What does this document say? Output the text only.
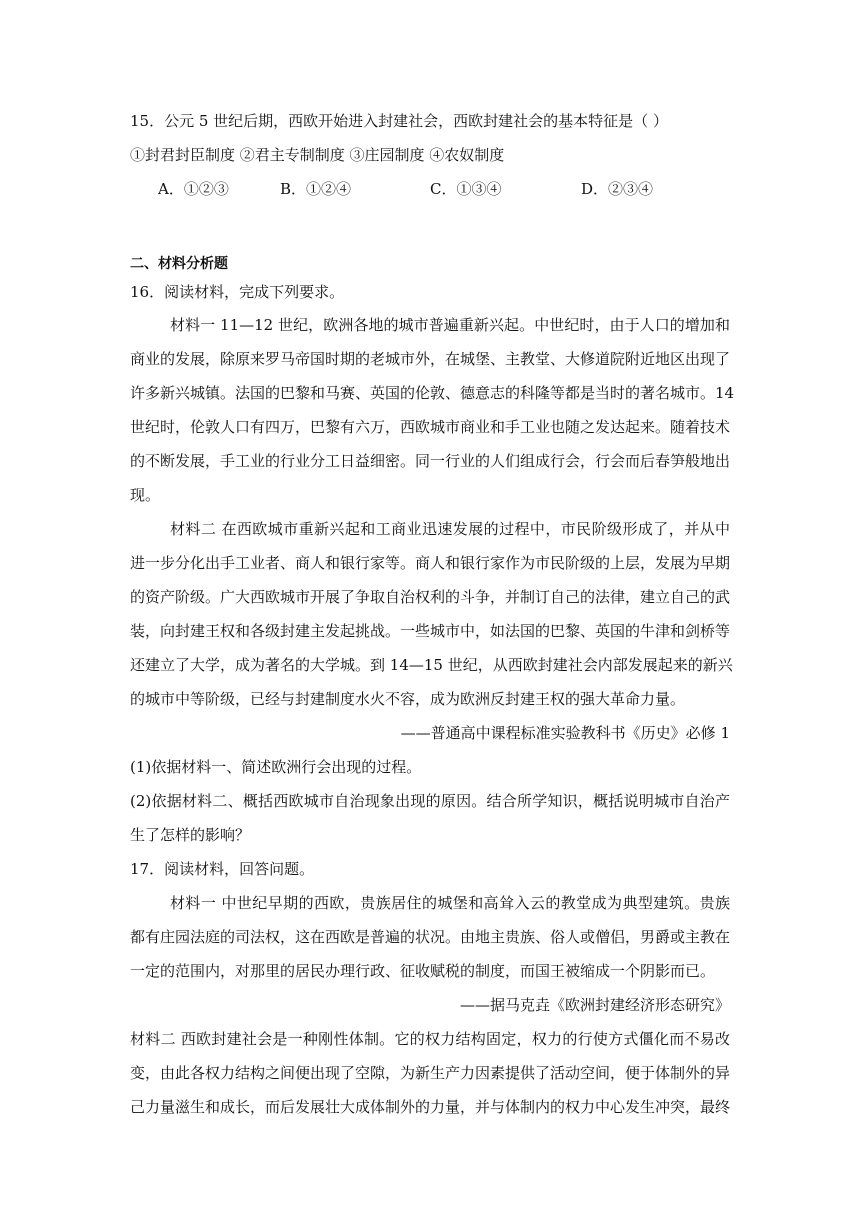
15．公元 5 世纪后期，西欧开始进入封建社会，西欧封建社会的基本特征是（ ）
①封君封臣制度 ②君主专制制度 ③庄园制度 ④农奴制度
A．①②③	B．①②④	C．①③④	D．②③④
二、材料分析题
16．阅读材料，完成下列要求。
材料一 11—12 世纪，欧洲各地的城市普遍重新兴起。中世纪时，由于人口的增加和
商业的发展，除原来罗马帝国时期的老城市外，在城堡、主教堂、大修道院附近地区出现了
许多新兴城镇。法国的巴黎和马赛、英国的伦敦、德意志的科隆等都是当时的著名城市。14
世纪时，伦敦人口有四万，巴黎有六万，西欧城市商业和手工业也随之发达起来。随着技术
的不断发展，手工业的行业分工日益细密。同一行业的人们组成行会，行会而后春笋般地出
现。
材料二 在西欧城市重新兴起和工商业迅速发展的过程中，市民阶级形成了，并从中
进一步分化出手工业者、商人和银行家等。商人和银行家作为市民阶级的上层，发展为早期
的资产阶级。广大西欧城市开展了争取自治权利的斗争，并制订自己的法律，建立自己的武
装，向封建王权和各级封建主发起挑战。一些城市中，如法国的巴黎、英国的牛津和剑桥等
还建立了大学，成为著名的大学城。到 14—15 世纪，从西欧封建社会内部发展起来的新兴
的城市中等阶级，已经与封建制度水火不容，成为欧洲反封建王权的强大革命力量。
——普通高中课程标准实验教科书《历史》必修 1
(1)依据材料一、简述欧洲行会出现的过程。
(2)依据材料二、概括西欧城市自治现象出现的原因。结合所学知识，概括说明城市自治产
生了怎样的影响？
17．阅读材料，回答问题。
材料一 中世纪早期的西欧，贵族居住的城堡和高耸入云的教堂成为典型建筑。贵族
都有庄园法庭的司法权，这在西欧是普遍的状况。由地主贵族、俗人或僧侣，男爵或主教在
一定的范围内，对那里的居民办理行政、征收赋税的制度，而国王被缩成一个阴影而已。
——据马克垚《欧洲封建经济形态研究》
材料二 西欧封建社会是一种刚性体制。它的权力结构固定，权力的行使方式僵化而不易改
变，由此各权力结构之间便出现了空隙，为新生产力因素提供了活动空间，便于体制外的异
己力量滋生和成长，而后发展壮大成体制外的力量，并与体制内的权力中心发生冲突，最终
